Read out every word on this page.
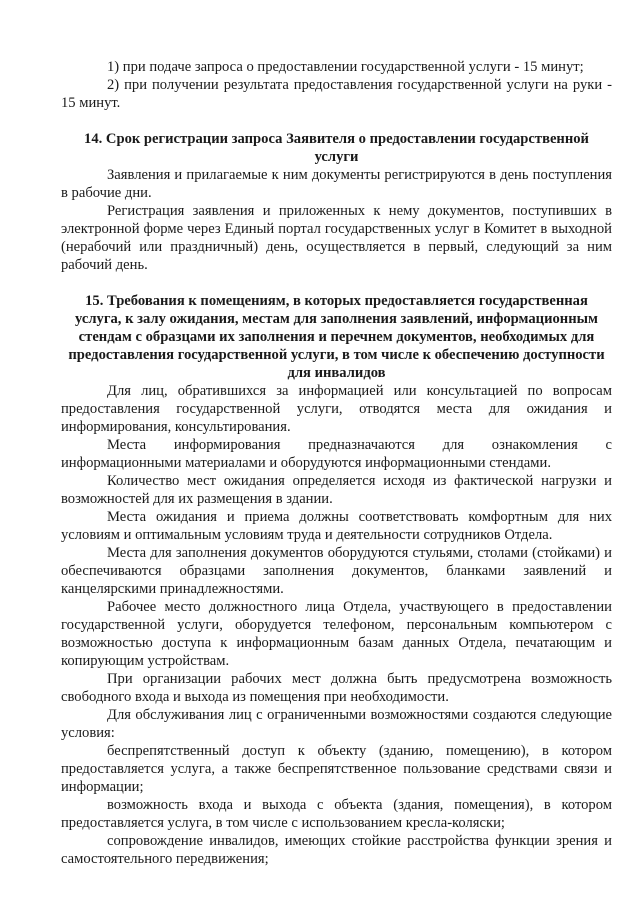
1) при подаче запроса о предоставлении государственной услуги - 15 минут;

2) при получении результата предоставления государственной услуги на руки - 15 минут.

14. Срок регистрации запроса Заявителя о предоставлении государственной услуги

Заявления и прилагаемые к ним документы регистрируются в день поступления в рабочие дни.

Регистрация заявления и приложенных к нему документов, поступивших в электронной форме через Единый портал государственных услуг в Комитет в выходной (нерабочий или праздничный) день, осуществляется в первый, следующий за ним рабочий день.

15. Требования к помещениям, в которых предоставляется государственная услуга, к залу ожидания, местам для заполнения заявлений, информационным стендам с образцами их заполнения и перечнем документов, необходимых для предоставления государственной услуги, в том числе к обеспечению доступности для инвалидов

Для лиц, обратившихся за информацией или консультацией по вопросам предоставления государственной услуги, отводятся места для ожидания и информирования, консультирования.

Места информирования предназначаются для ознакомления с информационными материалами и оборудуются информационными стендами.

Количество мест ожидания определяется исходя из фактической нагрузки и возможностей для их размещения в здании.

Места ожидания и приема должны соответствовать комфортным для них условиям и оптимальным условиям труда и деятельности сотрудников Отдела.

Места для заполнения документов оборудуются стульями, столами (стойками) и обеспечиваются образцами заполнения документов, бланками заявлений и канцелярскими принадлежностями.

Рабочее место должностного лица Отдела, участвующего в предоставлении государственной услуги, оборудуется телефоном, персональным компьютером с возможностью доступа к информационным базам данных Отдела, печатающим и копирующим устройствам.

При организации рабочих мест должна быть предусмотрена возможность свободного входа и выхода из помещения при необходимости.

Для обслуживания лиц с ограниченными возможностями создаются следующие условия:

беспрепятственный доступ к объекту (зданию, помещению), в котором предоставляется услуга, а также беспрепятственное пользование средствами связи и информации;

возможность входа и выхода с объекта (здания, помещения), в котором предоставляется услуга, в том числе с использованием кресла-коляски;

сопровождение инвалидов, имеющих стойкие расстройства функции зрения и самостоятельного передвижения;
